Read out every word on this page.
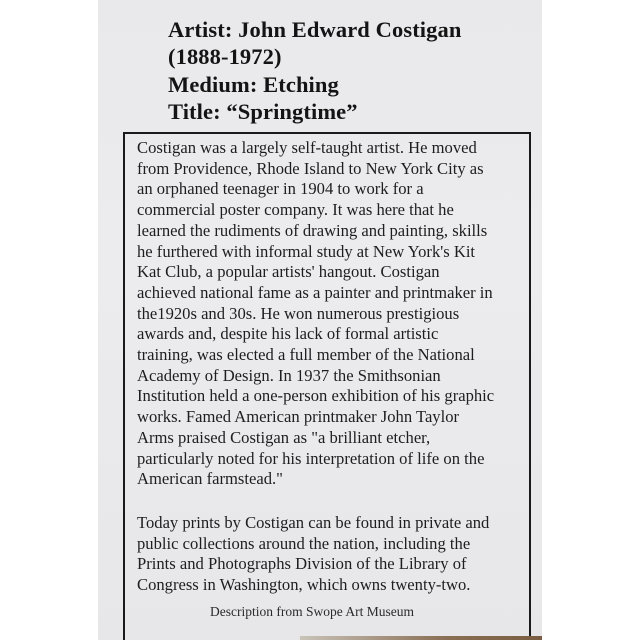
Artist: John Edward Costigan
(1888-1972)
Medium: Etching
Title: “Springtime”
Costigan was a largely self-taught artist. He moved
from Providence, Rhode Island to New York City as
an orphaned teenager in 1904 to work for a
commercial poster company. It was here that he
learned the rudiments of drawing and painting, skills
he furthered with informal study at New York's Kit
Kat Club, a popular artists' hangout. Costigan
achieved national fame as a painter and printmaker in
the1920s and 30s. He won numerous prestigious
awards and, despite his lack of formal artistic
training, was elected a full member of the National
Academy of Design. In 1937 the Smithsonian
Institution held a one-person exhibition of his graphic
works. Famed American printmaker John Taylor
Arms praised Costigan as "a brilliant etcher,
particularly noted for his interpretation of life on the
American farmstead."
Today prints by Costigan can be found in private and
public collections around the nation, including the
Prints and Photographs Division of the Library of
Congress in Washington, which owns twenty-two.
Description from Swope Art Museum
